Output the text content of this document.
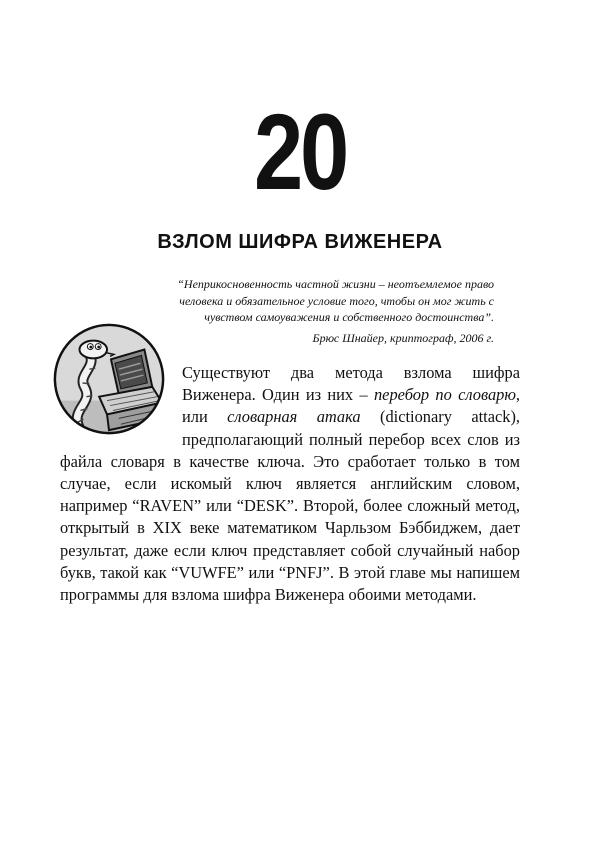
20
ВЗЛОМ ШИФРА ВИЖЕНЕРА

“Неприкосновенность частной жизни – неотъемлемое право

человека и обязательное условие того, чтобы он мог жить с

чувством самоуважения и собственного достоинства”.

Брюс Шнайер, криптограф, 2006 г.

Существуют два метода взлома шифра Виженера. Один из них – перебор по словарю, или словарная атака (dictionary attack), предполагающий полный перебор всех слов из файла словаря в качестве ключа. Это сработает только в том случае, если искомый ключ является английским словом, например “RAVEN” или “DESK”. Второй, более сложный метод, открытый в XIX веке математиком Чарльзом Бэббиджем, дает результат, даже если ключ представляет собой случайный набор букв, такой как “VUWFE” или “PNFJ”. В этой главе мы напишем программы для взлома шифра Виженера обоими методами.
